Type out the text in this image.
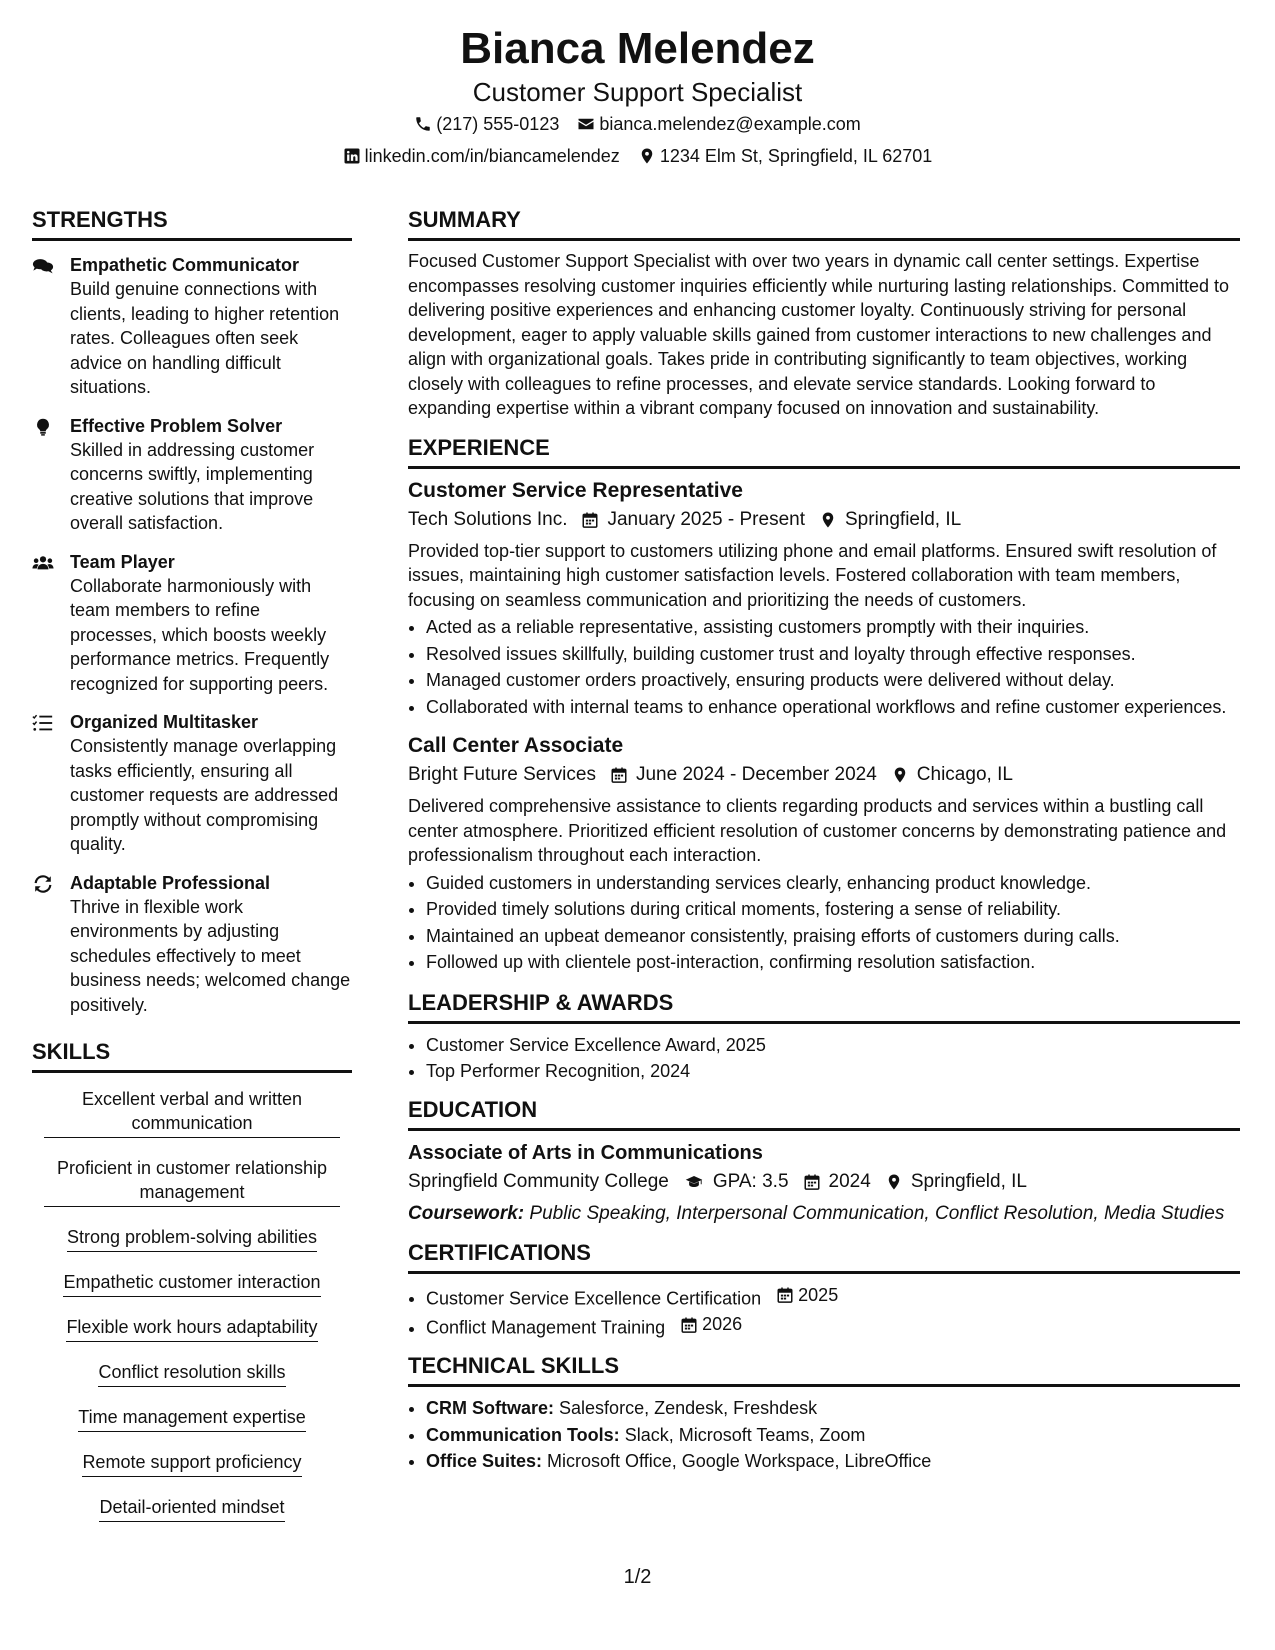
Bianca Melendez
Customer Support Specialist
(217) 555-0123 bianca.melendez@example.com
linkedin.com/in/biancamelendez 1234 Elm St, Springfield, IL 62701
STRENGTHS
Empathetic Communicator
Build genuine connections with clients, leading to higher retention rates. Colleagues often seek advice on handling difficult situations.
Effective Problem Solver
Skilled in addressing customer concerns swiftly, implementing creative solutions that improve overall satisfaction.
Team Player
Collaborate harmoniously with team members to refine processes, which boosts weekly performance metrics. Frequently recognized for supporting peers.
Organized Multitasker
Consistently manage overlapping tasks efficiently, ensuring all customer requests are addressed promptly without compromising quality.
Adaptable Professional
Thrive in flexible work environments by adjusting schedules effectively to meet business needs; welcomed change positively.
SKILLS
Excellent verbal and written communication
Proficient in customer relationship management
Strong problem-solving abilities
Empathetic customer interaction
Flexible work hours adaptability
Conflict resolution skills
Time management expertise
Remote support proficiency
Detail-oriented mindset
SUMMARY
Focused Customer Support Specialist with over two years in dynamic call center settings. Expertise encompasses resolving customer inquiries efficiently while nurturing lasting relationships. Committed to delivering positive experiences and enhancing customer loyalty. Continuously striving for personal development, eager to apply valuable skills gained from customer interactions to new challenges and align with organizational goals. Takes pride in contributing significantly to team objectives, working closely with colleagues to refine processes, and elevate service standards. Looking forward to expanding expertise within a vibrant company focused on innovation and sustainability.
EXPERIENCE
Customer Service Representative
Tech Solutions Inc. January 2025 - Present Springfield, IL
Provided top-tier support to customers utilizing phone and email platforms. Ensured swift resolution of issues, maintaining high customer satisfaction levels. Fostered collaboration with team members, focusing on seamless communication and prioritizing the needs of customers.
• Acted as a reliable representative, assisting customers promptly with their inquiries.
• Resolved issues skillfully, building customer trust and loyalty through effective responses.
• Managed customer orders proactively, ensuring products were delivered without delay.
• Collaborated with internal teams to enhance operational workflows and refine customer experiences.
Call Center Associate
Bright Future Services June 2024 - December 2024 Chicago, IL
Delivered comprehensive assistance to clients regarding products and services within a bustling call center atmosphere. Prioritized efficient resolution of customer concerns by demonstrating patience and professionalism throughout each interaction.
• Guided customers in understanding services clearly, enhancing product knowledge.
• Provided timely solutions during critical moments, fostering a sense of reliability.
• Maintained an upbeat demeanor consistently, praising efforts of customers during calls.
• Followed up with clientele post-interaction, confirming resolution satisfaction.
LEADERSHIP & AWARDS
• Customer Service Excellence Award, 2025
• Top Performer Recognition, 2024
EDUCATION
Associate of Arts in Communications
Springfield Community College GPA: 3.5 2024 Springfield, IL
Coursework: Public Speaking, Interpersonal Communication, Conflict Resolution, Media Studies
CERTIFICATIONS
• Customer Service Excellence Certification 2025
• Conflict Management Training 2026
TECHNICAL SKILLS
• CRM Software: Salesforce, Zendesk, Freshdesk
• Communication Tools: Slack, Microsoft Teams, Zoom
• Office Suites: Microsoft Office, Google Workspace, LibreOffice
1/2
